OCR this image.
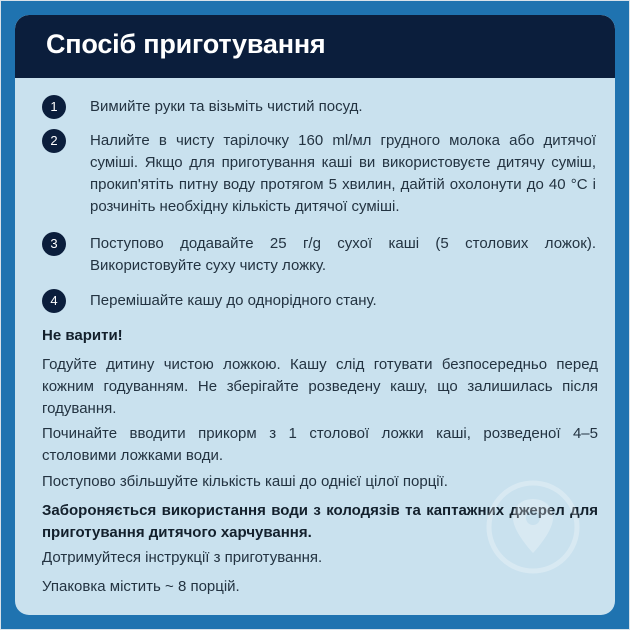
Спосіб приготування
1	Вимийте руки та візьміть чистий посуд.
2	Налийте в чисту тарілочку 160 ml/мл грудного молока або дитячої суміші. Якщо для приготування каші ви використовуєте дитячу суміш, прокип'ятіть питну воду протягом 5 хвилин, дайтій охолонути до 40 °С і розчиніть необхідну кількість дитячої суміші.
3	Поступово додавайте 25 г/g сухої каші (5 столових ложок). Використовуйте суху чисту ложку.
4	Перемішайте кашу до однорідного стану.
Не варити!
Годуйте дитину чистою ложкою. Кашу слід готувати безпосередньо перед кожним годуванням. Не зберігайте розведену кашу, що залишилась після годування.
Починайте вводити прикорм з 1 столової ложки каші, розведеної 4–5 столовими ложками води.
Поступово збільшуйте кількість каші до однієї цілої порції.
Забороняється використання води з колодязів та каптажних джерел для приготування дитячого харчування.
Дотримуйтеся інструкції з приготування.
Упаковка містить ~ 8 порцій.
